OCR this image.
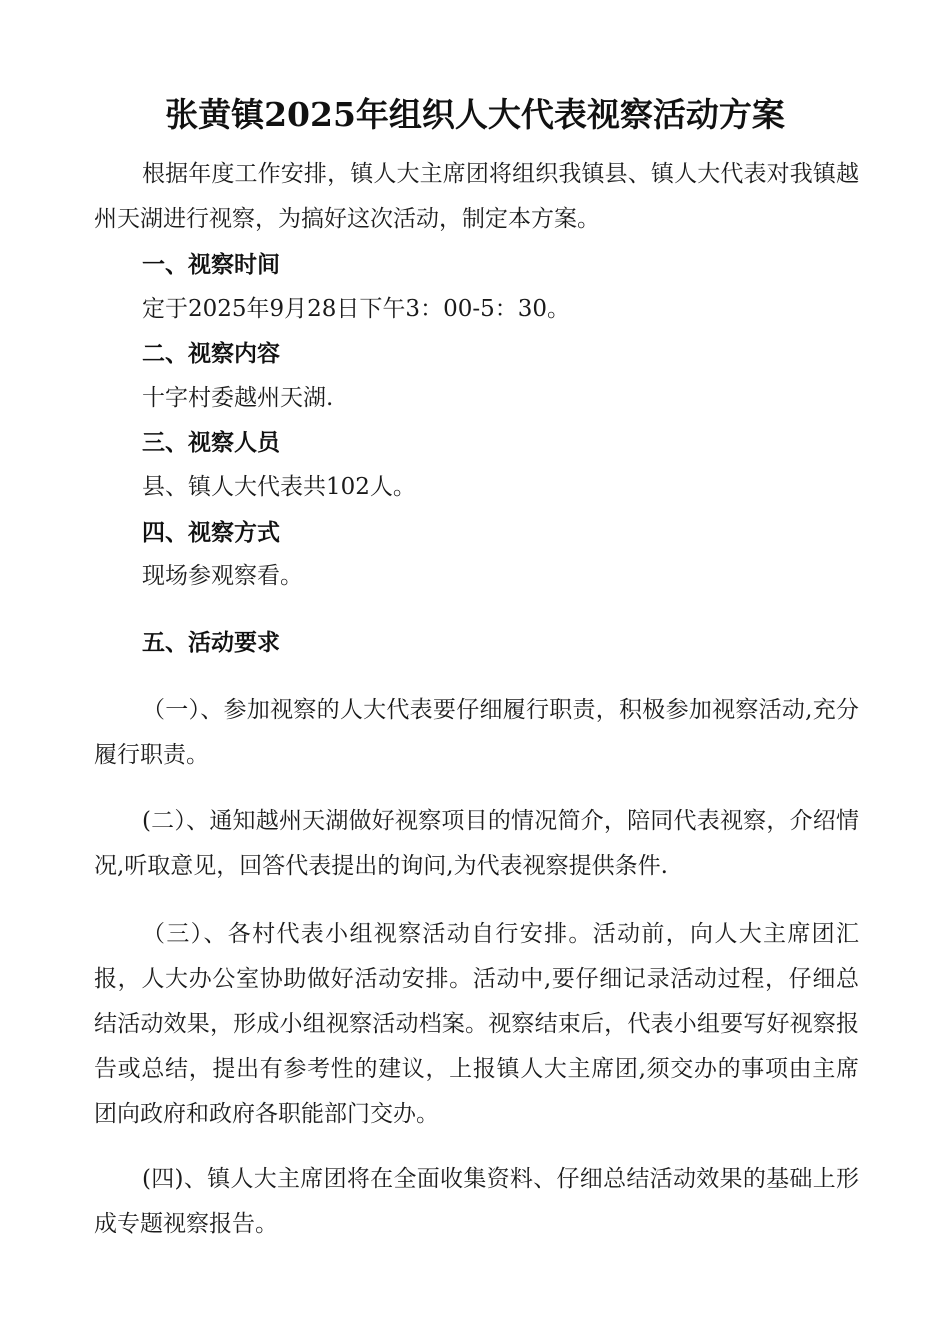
张黄镇2025年组织人大代表视察活动方案

根据年度工作安排，镇人大主席团将组织我镇县、镇人大代表对我镇越州天湖进行视察，为搞好这次活动，制定本方案。

一、视察时间

定于2025年9月28日下午3：00-5：30。

二、视察内容

十字村委越州天湖.

三、视察人员

县、镇人大代表共102人。

四、视察方式

现场参观察看。

五、活动要求

（一）、参加视察的人大代表要仔细履行职责，积极参加视察活动,充分履行职责。

(二）、通知越州天湖做好视察项目的情况简介，陪同代表视察，介绍情况,听取意见，回答代表提出的询问,为代表视察提供条件.

（三）、各村代表小组视察活动自行安排。活动前，向人大主席团汇报，人大办公室协助做好活动安排。活动中,要仔细记录活动过程，仔细总结活动效果，形成小组视察活动档案。视察结束后，代表小组要写好视察报告或总结，提出有参考性的建议，上报镇人大主席团,须交办的事项由主席团向政府和政府各职能部门交办。

(四)、镇人大主席团将在全面收集资料、仔细总结活动效果的基础上形成专题视察报告。
